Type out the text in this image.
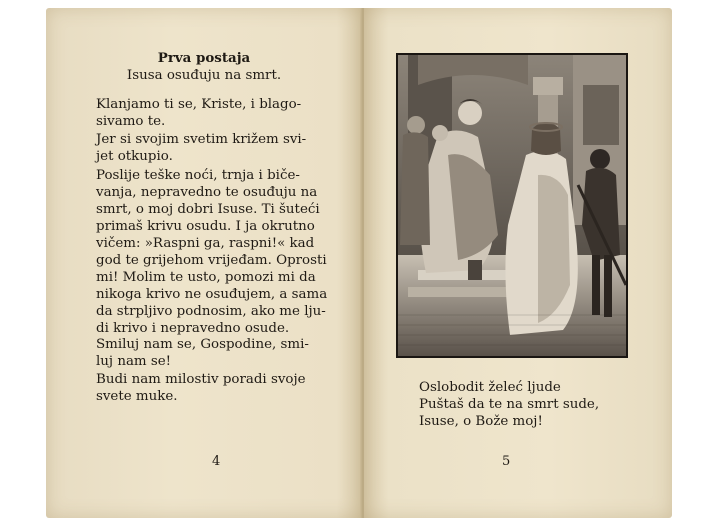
Prva postaja
Isusa osuđuju na smrt.

Klanjamo ti se, Kriste, i blago-
sivamo te.

Jer si svojim svetim križem svi-
jet otkupio.

Poslije teške noći, trnja i biče-
vanja, nepravedno te osuđuju na
smrt, o moj dobri Isuse. Ti šuteći
primaš krivu osudu. I ja okrutno
vičem: »Raspni ga, raspni!« kad
god te grijehom vrijeđam. Oprosti
mi! Molim te usto, pomozi mi da
nikoga krivo ne osuđujem, a sama
da strpljivo podnosim, ako me lju-
di krivo i nepravedno osude.

Smiluj nam se, Gospodine, smi-
luj nam se!

Budi nam milostiv poradi svoje
svete muke.

4

Oslobodit želeć ljude
Puštaš da te na smrt sude,
Isuse, o Bože moj!

5
